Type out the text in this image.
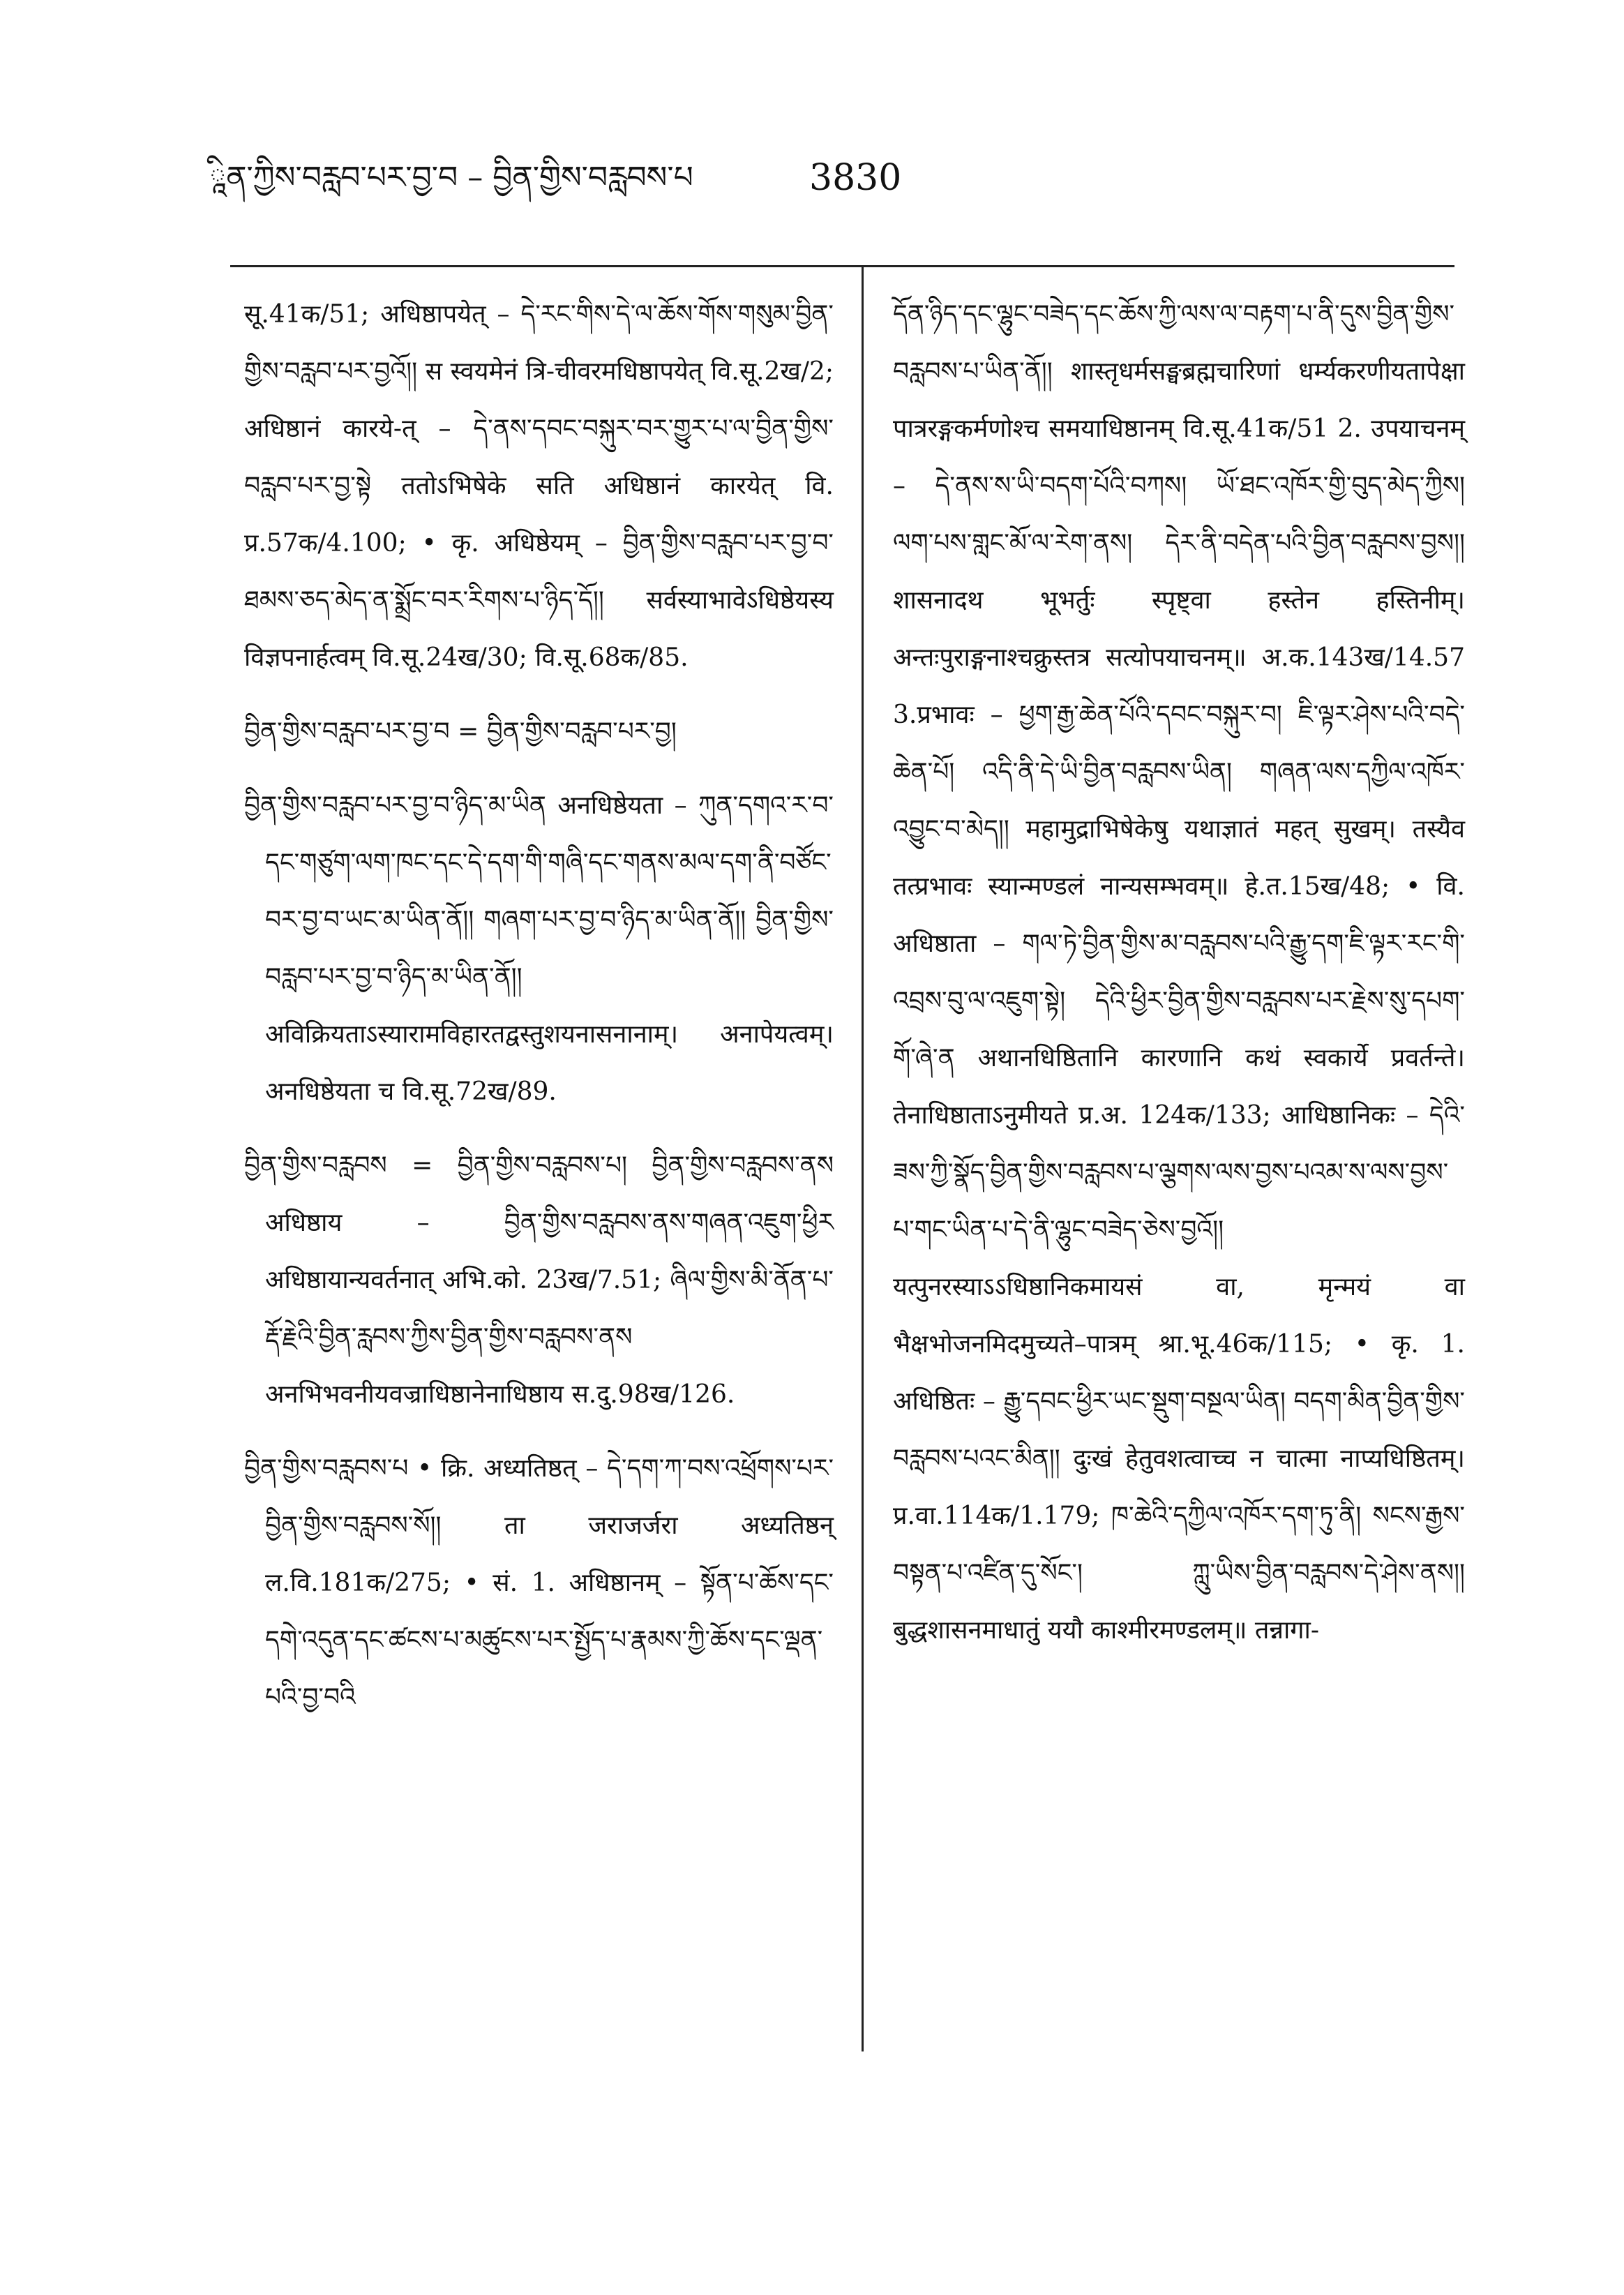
ཱིན་ཀྱིས་བརླབ་པར་བྱ་བ – བྱིན་གྱིས་བརླབས་པ	3830

सू.41क/51; अधिष्ठापयेत् – དེ་རང་གིས་དེ་ལ་ཆོས་གོས་གསུམ་བྱིན་གྱིས་བརླབ་པར་བྱའོ།། स स्वयमेनं त्रि-चीवरमधिष्ठापयेत् वि.सू.2ख/2; अधिष्ठानं कारये-त् – དེ་ནས་དབང་བསྐུར་བར་གྱུར་པ་ལ་བྱིན་གྱིས་བརླབ་པར་བྱ་སྟེ ततोऽभिषेके सति अधिष्ठानं कारयेत् वि. प्र.57क/4.100; • कृ. अधिष्ठेयम् – བྱིན་གྱིས་བརླབ་པར་བྱ་བ་ཐམས་ཅད་མེད་ན་སྨྲོང་བར་རིགས་པ་ཉིད་དོ།། सर्वस्याभावेऽधिष्ठेयस्य विज्ञपनार्हत्वम् वि.सू.24ख/30; वि.सू.68क/85.

བྱིན་གྱིས་བརླབ་པར་བྱ་བ = བྱིན་གྱིས་བརླབ་པར་བྱ།

བྱིན་གྱིས་བརླབ་པར་བྱ་བ་ཉིད་མ་ཡིན अनधिष्ठेयता – ཀུན་དགའ་ར་བ་དང་གཙུག་ལག་ཁང་དང་དེ་དག་གི་གཞི་དང་གནས་མལ་དག་ནི་བཙོང་བར་བྱ་བ་ཡང་མ་ཡིན་ནོ།། གཞག་པར་བྱ་བ་ཉིད་མ་ཡིན་ནོ།། བྱིན་གྱིས་བརླབ་པར་བྱ་བ་ཉིད་མ་ཡིན་ནོ།། अविक्रियताऽस्यारामविहारतद्वस्तुशयनासनानाम्। अनापेयत्वम्। अनधिष्ठेयता च वि.सू.72ख/89.

བྱིན་གྱིས་བརླབས = བྱིན་གྱིས་བརླབས་པ། བྱིན་གྱིས་བརླབས་ནས अधिष्ठाय – བྱིན་གྱིས་བརླབས་ནས་གཞན་འཇུག་ཕྱིར अधिष्ठायान्यवर्तनात् अभि.को. 23ख/7.51; ཞིལ་གྱིས་མི་ནོན་པ་རྡོ་རྗེའི་བྱིན་རླབས་ཀྱིས་བྱིན་གྱིས་བརླབས་ནས अनभिभवनीयवज्राधिष्ठानेनाधिष्ठाय स.दु.98ख/126.

བྱིན་གྱིས་བརླབས་པ • क्रि. अध्यतिष्ठत् – དེ་དག་ཀ་བས་འཕྲོགས་པར་བྱིན་གྱིས་བརླབས་སོ།། ता जराजर्जरा अध्यतिष्ठन् ल.वि.181क/275; • सं. 1. अधिष्ठानम् – སྟོན་པ་ཆོས་དང་དགེ་འདུན་དང་ཚངས་པ་མཚུངས་པར་སྤྱོད་པ་རྣམས་ཀྱི་ཆོས་དང་ལྡན་པའི་བྱ་བའི

དོན་ཉིད་དང་ལྷུང་བཟེད་དང་ཆོས་ཀྱི་ལས་ལ་བརྟག་པ་ནི་དུས་བྱིན་གྱིས་བརླབས་པ་ཡིན་ནོ།། शास्तृधर्मसङ्घब्रह्मचारिणां धर्म्यकरणीयतापेक्षा पात्ररङ्गकर्मणोश्च समयाधिष्ठानम् वि.सू.41क/51 2. उपयाचनम् – དེ་ནས་ས་ཡི་བདག་པོའི་བཀས། ཡོ་ཐང་འཁོར་གྱི་བུད་མེད་ཀྱིས། ལག་པས་གླང་མོ་ལ་རེག་ནས། དེར་ནི་བདེན་པའི་བྱིན་བརླབས་བྱས།། शासनादथ भूभर्तुः स्पृष्ट्वा हस्तेन हस्तिनीम्। अन्तःपुराङ्गनाश्चक्रुस्तत्र सत्योपयाचनम्॥ अ.क.143ख/14.57 3.प्रभावः – ཕྱག་རྒྱ་ཆེན་པོའི་དབང་བསྐུར་བ། ཇི་ལྟར་ཤེས་པའི་བདེ་ཆེན་པོ། འདི་ནི་དེ་ཡི་བྱིན་བརླབས་ཡིན། གཞན་ལས་དཀྱིལ་འཁོར་འབྱུང་བ་མེད།། महामुद्राभिषेकेषु यथाज्ञातं महत् सुखम्। तस्यैव तत्प्रभावः स्यान्मण्डलं नान्यसम्भवम्॥ हे.त.15ख/48; • वि. अधिष्ठाता – གལ་ཏེ་བྱིན་གྱིས་མ་བརླབས་པའི་རྒྱུ་དག་ཇི་ལྟར་རང་གི་འབྲས་བུ་ལ་འཇུག་སྟེ། དེའི་ཕྱིར་བྱིན་གྱིས་བརླབས་པར་རྗེས་སུ་དཔག་གོ་ཞེ་ན अथानधिष्ठितानि कारणानि कथं स्वकार्ये प्रवर्तन्ते। तेनाधिष्ठाताऽनुमीयते प्र.अ. 124क/133; आधिष्ठानिकः – དེའི་ཟས་ཀྱི་སྣོད་བྱིན་གྱིས་བརླབས་པ་ལྕགས་ལས་བྱས་པའམ་ས་ལས་བྱས་པ་གང་ཡིན་པ་དེ་ནི་ལྷུང་བཟེད་ཅེས་བྱའོ།། यत्पुनरस्याऽऽधिष्ठानिकमायसं वा, मृन्मयं वा भैक्षभोजनमिदमुच्यते–पात्रम् श्रा.भू.46क/115; • कृ. 1. अधिष्ठितः – རྒྱུ་དབང་ཕྱིར་ཡང་སྡུག་བསྔལ་ཡིན། བདག་མིན་བྱིན་གྱིས་བརླབས་པའང་མིན།། दुःखं हेतुवशत्वाच्च न चात्मा नाप्यधिष्ठितम्। प्र.वा.114क/1.179; ཁ་ཆེའི་དཀྱིལ་འཁོར་དག་ཏུ་ནི། སངས་རྒྱས་བསྟན་པ་འཛིན་དུ་སོང་། ཀླུ་ཡིས་བྱིན་བརླབས་དེ་ཤེས་ནས།། बुद्धशासनमाधातुं ययौ काश्मीरमण्डलम्॥ तन्नागा-
